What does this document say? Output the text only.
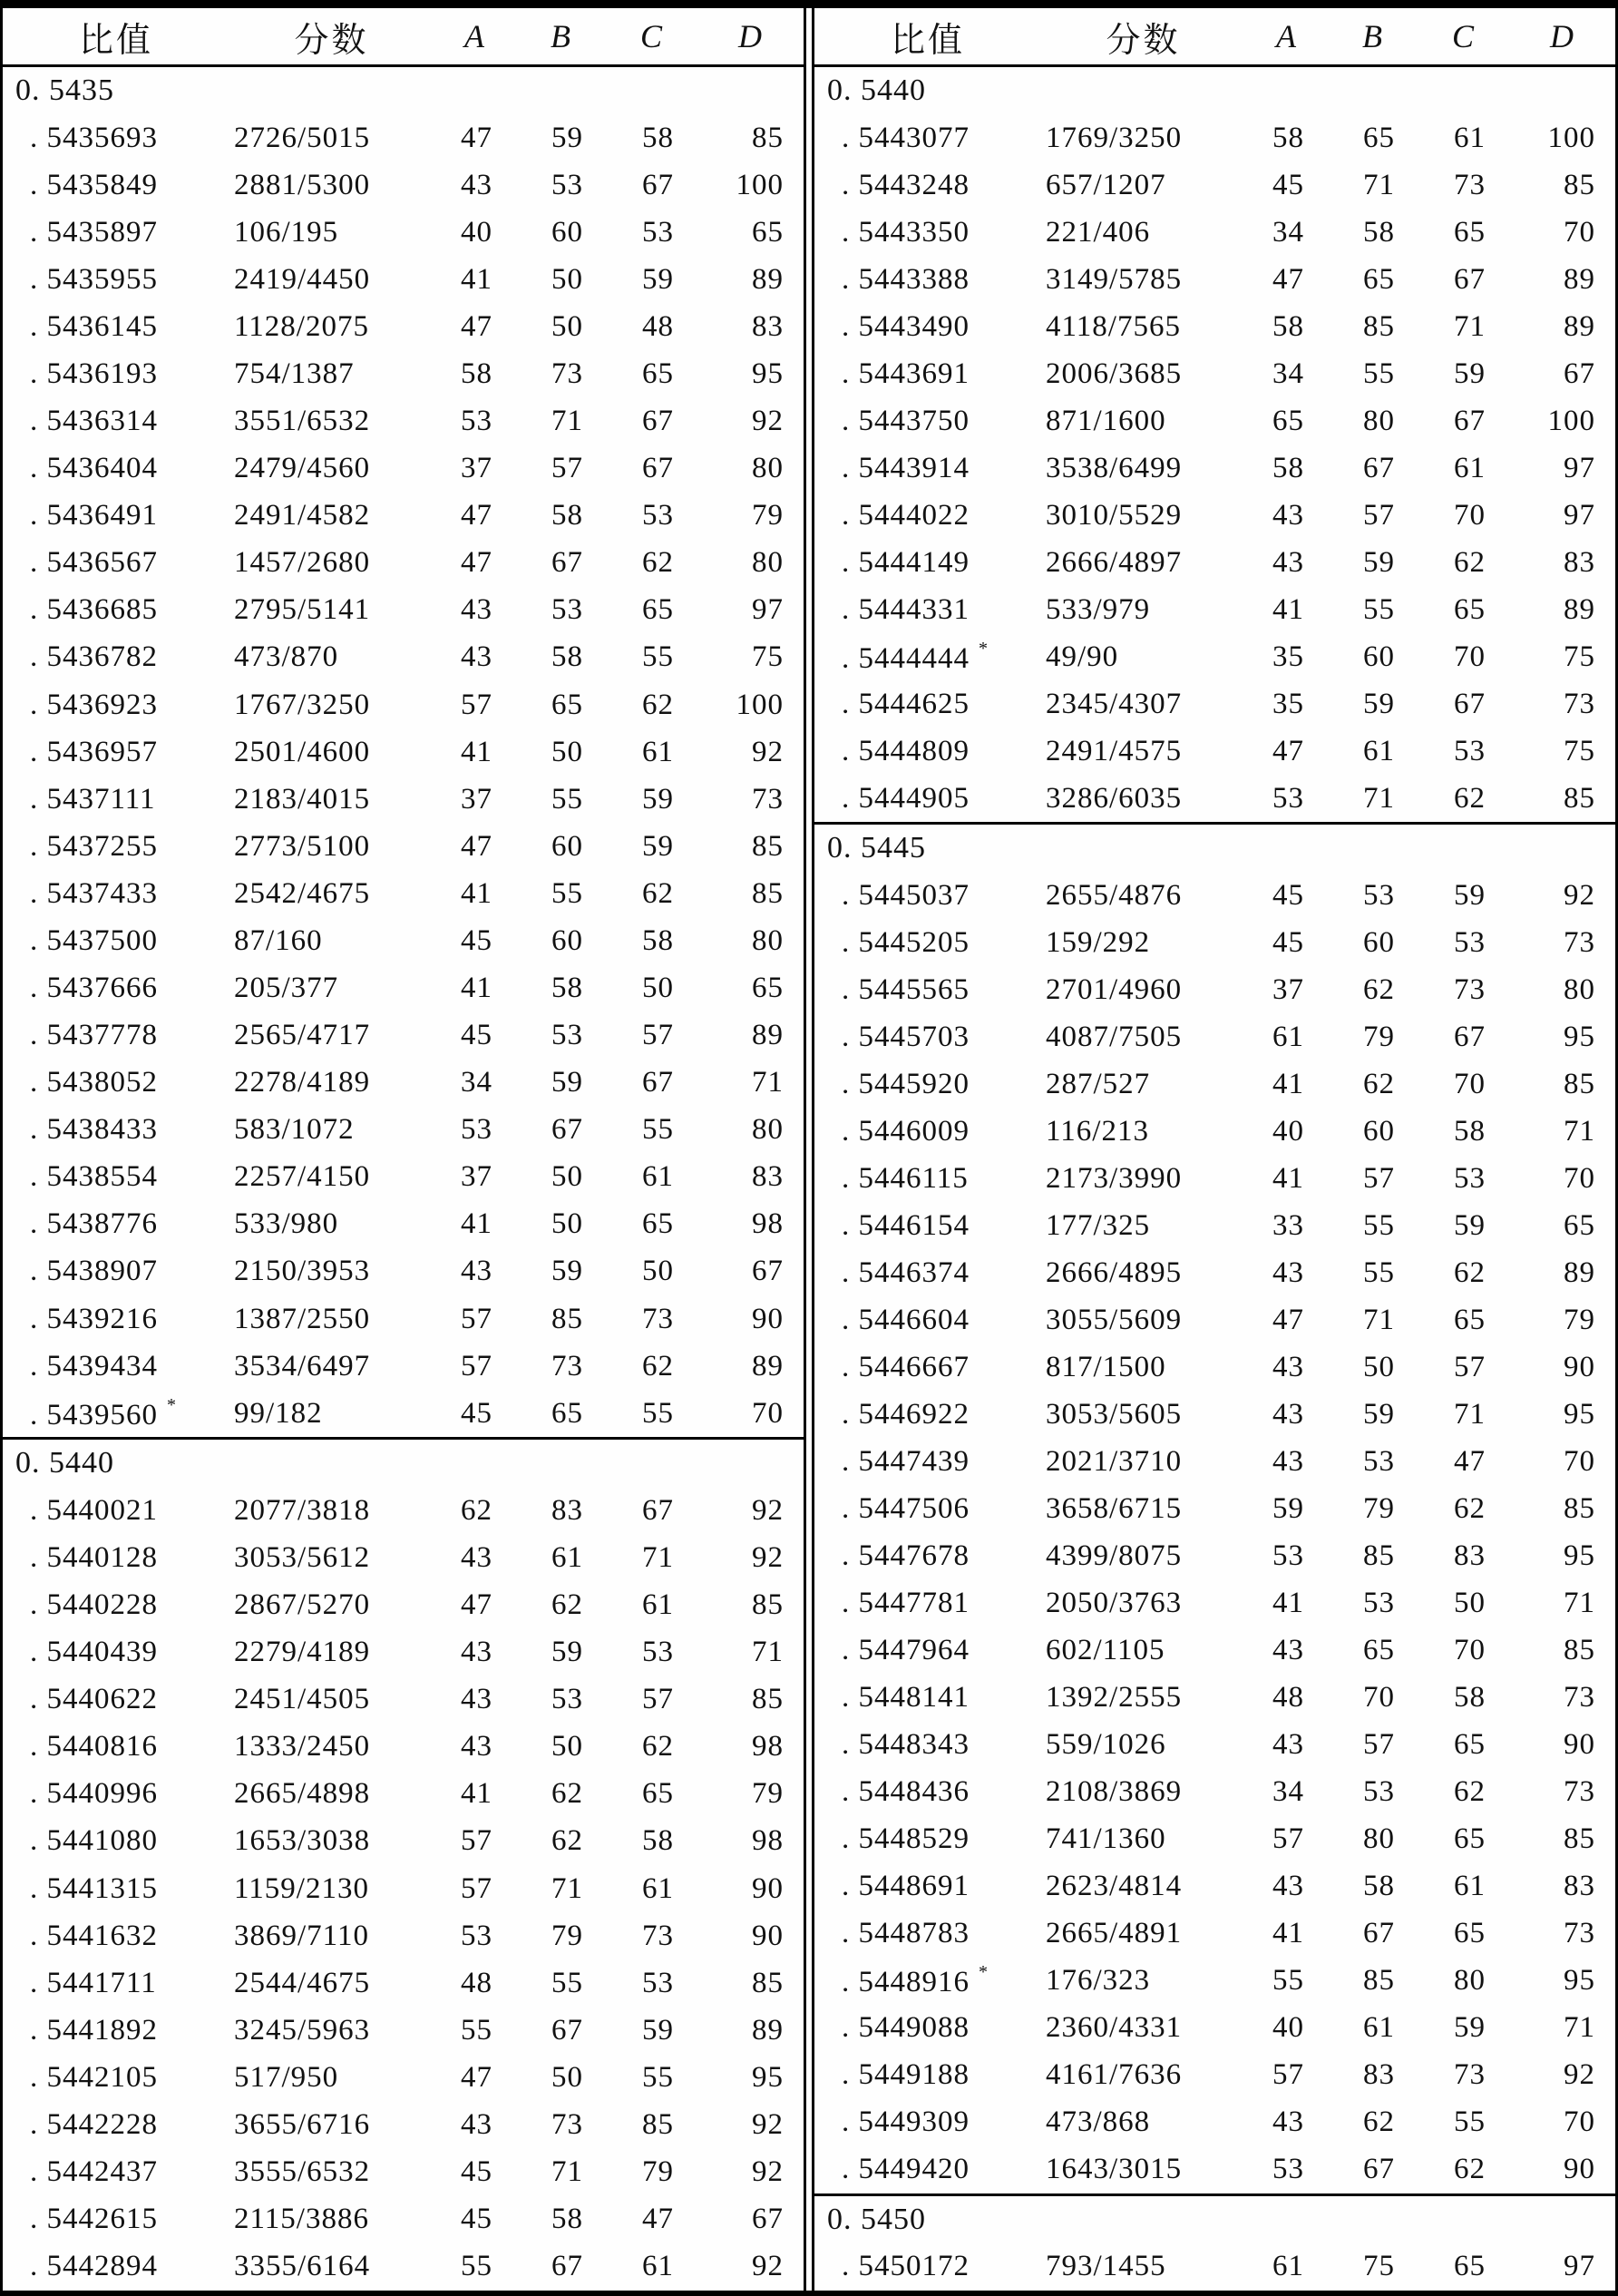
比值	分数	A	B	C	D
0. 5435
. 5435693	2726/5015	47	59	58	85
. 5435849	2881/5300	43	53	67	100
. 5435897	106/195	40	60	53	65
. 5435955	2419/4450	41	50	59	89
. 5436145	1128/2075	47	50	48	83
. 5436193	754/1387	58	73	65	95
. 5436314	3551/6532	53	71	67	92
. 5436404	2479/4560	37	57	67	80
. 5436491	2491/4582	47	58	53	79
. 5436567	1457/2680	47	67	62	80
. 5436685	2795/5141	43	53	65	97
. 5436782	473/870	43	58	55	75
. 5436923	1767/3250	57	65	62	100
. 5436957	2501/4600	41	50	61	92
. 5437111	2183/4015	37	55	59	73
. 5437255	2773/5100	47	60	59	85
. 5437433	2542/4675	41	55	62	85
. 5437500	87/160	45	60	58	80
. 5437666	205/377	41	58	50	65
. 5437778	2565/4717	45	53	57	89
. 5438052	2278/4189	34	59	67	71
. 5438433	583/1072	53	67	55	80
. 5438554	2257/4150	37	50	61	83
. 5438776	533/980	41	50	65	98
. 5438907	2150/3953	43	59	50	67
. 5439216	1387/2550	57	85	73	90
. 5439434	3534/6497	57	73	62	89
. 5439560 *	99/182	45	65	55	70
0. 5440
. 5440021	2077/3818	62	83	67	92
. 5440128	3053/5612	43	61	71	92
. 5440228	2867/5270	47	62	61	85
. 5440439	2279/4189	43	59	53	71
. 5440622	2451/4505	43	53	57	85
. 5440816	1333/2450	43	50	62	98
. 5440996	2665/4898	41	62	65	79
. 5441080	1653/3038	57	62	58	98
. 5441315	1159/2130	57	71	61	90
. 5441632	3869/7110	53	79	73	90
. 5441711	2544/4675	48	55	53	85
. 5441892	3245/5963	55	67	59	89
. 5442105	517/950	47	50	55	95
. 5442228	3655/6716	43	73	85	92
. 5442437	3555/6532	45	71	79	92
. 5442615	2115/3886	45	58	47	67
. 5442894	3355/6164	55	67	61	92
比值	分数	A	B	C	D
0. 5440
. 5443077	1769/3250	58	65	61	100
. 5443248	657/1207	45	71	73	85
. 5443350	221/406	34	58	65	70
. 5443388	3149/5785	47	65	67	89
. 5443490	4118/7565	58	85	71	89
. 5443691	2006/3685	34	55	59	67
. 5443750	871/1600	65	80	67	100
. 5443914	3538/6499	58	67	61	97
. 5444022	3010/5529	43	57	70	97
. 5444149	2666/4897	43	59	62	83
. 5444331	533/979	41	55	65	89
. 5444444 *	49/90	35	60	70	75
. 5444625	2345/4307	35	59	67	73
. 5444809	2491/4575	47	61	53	75
. 5444905	3286/6035	53	71	62	85
0. 5445
. 5445037	2655/4876	45	53	59	92
. 5445205	159/292	45	60	53	73
. 5445565	2701/4960	37	62	73	80
. 5445703	4087/7505	61	79	67	95
. 5445920	287/527	41	62	70	85
. 5446009	116/213	40	60	58	71
. 5446115	2173/3990	41	57	53	70
. 5446154	177/325	33	55	59	65
. 5446374	2666/4895	43	55	62	89
. 5446604	3055/5609	47	71	65	79
. 5446667	817/1500	43	50	57	90
. 5446922	3053/5605	43	59	71	95
. 5447439	2021/3710	43	53	47	70
. 5447506	3658/6715	59	79	62	85
. 5447678	4399/8075	53	85	83	95
. 5447781	2050/3763	41	53	50	71
. 5447964	602/1105	43	65	70	85
. 5448141	1392/2555	48	70	58	73
. 5448343	559/1026	43	57	65	90
. 5448436	2108/3869	34	53	62	73
. 5448529	741/1360	57	80	65	85
. 5448691	2623/4814	43	58	61	83
. 5448783	2665/4891	41	67	65	73
. 5448916 *	176/323	55	85	80	95
. 5449088	2360/4331	40	61	59	71
. 5449188	4161/7636	57	83	73	92
. 5449309	473/868	43	62	55	70
. 5449420	1643/3015	53	67	62	90
0. 5450
. 5450172	793/1455	61	75	65	97
